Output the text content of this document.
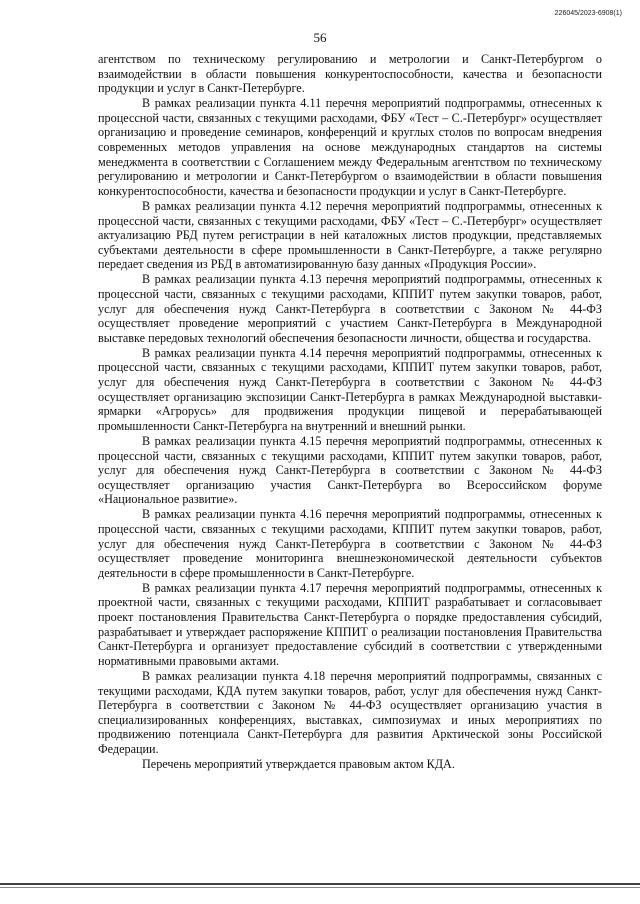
226045/2023-6908(1)
56

агентством по техническому регулированию и метрологии и Санкт-Петербургом о взаимодействии в области повышения конкурентоспособности, качества и безопасности продукции и услуг в Санкт-Петербурге.

В рамках реализации пункта 4.11 перечня мероприятий подпрограммы, отнесенных к процессной части, связанных с текущими расходами, ФБУ «Тест – С.-Петербург» осуществляет организацию и проведение семинаров, конференций и круглых столов по вопросам внедрения современных методов управления на основе международных стандартов на системы менеджмента в соответствии с Соглашением между Федеральным агентством по техническому регулированию и метрологии и Санкт-Петербургом о взаимодействии в области повышения конкурентоспособности, качества и безопасности продукции и услуг в Санкт-Петербурге.

В рамках реализации пункта 4.12 перечня мероприятий подпрограммы, отнесенных к процессной части, связанных с текущими расходами, ФБУ «Тест – С.-Петербург» осуществляет актуализацию РБД путем регистрации в ней каталожных листов продукции, представляемых субъектами деятельности в сфере промышленности в Санкт-Петербурге, а также регулярно передает сведения из РБД в автоматизированную базу данных «Продукция России».

В рамках реализации пункта 4.13 перечня мероприятий подпрограммы, отнесенных к процессной части, связанных с текущими расходами, КППИТ путем закупки товаров, работ, услуг для обеспечения нужд Санкт-Петербурга в соответствии с Законом № 44-ФЗ осуществляет проведение мероприятий с участием Санкт-Петербурга в Международной выставке передовых технологий обеспечения безопасности личности, общества и государства.

В рамках реализации пункта 4.14 перечня мероприятий подпрограммы, отнесенных к процессной части, связанных с текущими расходами, КППИТ путем закупки товаров, работ, услуг для обеспечения нужд Санкт-Петербурга в соответствии с Законом № 44-ФЗ осуществляет организацию экспозиции Санкт-Петербурга в рамках Международной выставки-ярмарки «Агрорусь» для продвижения продукции пищевой и перерабатывающей промышленности Санкт-Петербурга на внутренний и внешний рынки.

В рамках реализации пункта 4.15 перечня мероприятий подпрограммы, отнесенных к процессной части, связанных с текущими расходами, КППИТ путем закупки товаров, работ, услуг для обеспечения нужд Санкт-Петербурга в соответствии с Законом № 44-ФЗ осуществляет организацию участия Санкт-Петербурга во Всероссийском форуме «Национальное развитие».

В рамках реализации пункта 4.16 перечня мероприятий подпрограммы, отнесенных к процессной части, связанных с текущими расходами, КППИТ путем закупки товаров, работ, услуг для обеспечения нужд Санкт-Петербурга в соответствии с Законом № 44-ФЗ осуществляет проведение мониторинга внешнеэкономической деятельности субъектов деятельности в сфере промышленности в Санкт-Петербурге.

В рамках реализации пункта 4.17 перечня мероприятий подпрограммы, отнесенных к проектной части, связанных с текущими расходами, КППИТ разрабатывает и согласовывает проект постановления Правительства Санкт-Петербурга о порядке предоставления субсидий, разрабатывает и утверждает распоряжение КППИТ о реализации постановления Правительства Санкт-Петербурга и организует предоставление субсидий в соответствии с утвержденными нормативными правовыми актами.

В рамках реализации пункта 4.18 перечня мероприятий подпрограммы, связанных с текущими расходами, КДА путем закупки товаров, работ, услуг для обеспечения нужд Санкт-Петербурга в соответствии с Законом № 44-ФЗ осуществляет организацию участия в специализированных конференциях, выставках, симпозиумах и иных мероприятиях по продвижению потенциала Санкт-Петербурга для развития Арктической зоны Российской Федерации.

Перечень мероприятий утверждается правовым актом КДА.
